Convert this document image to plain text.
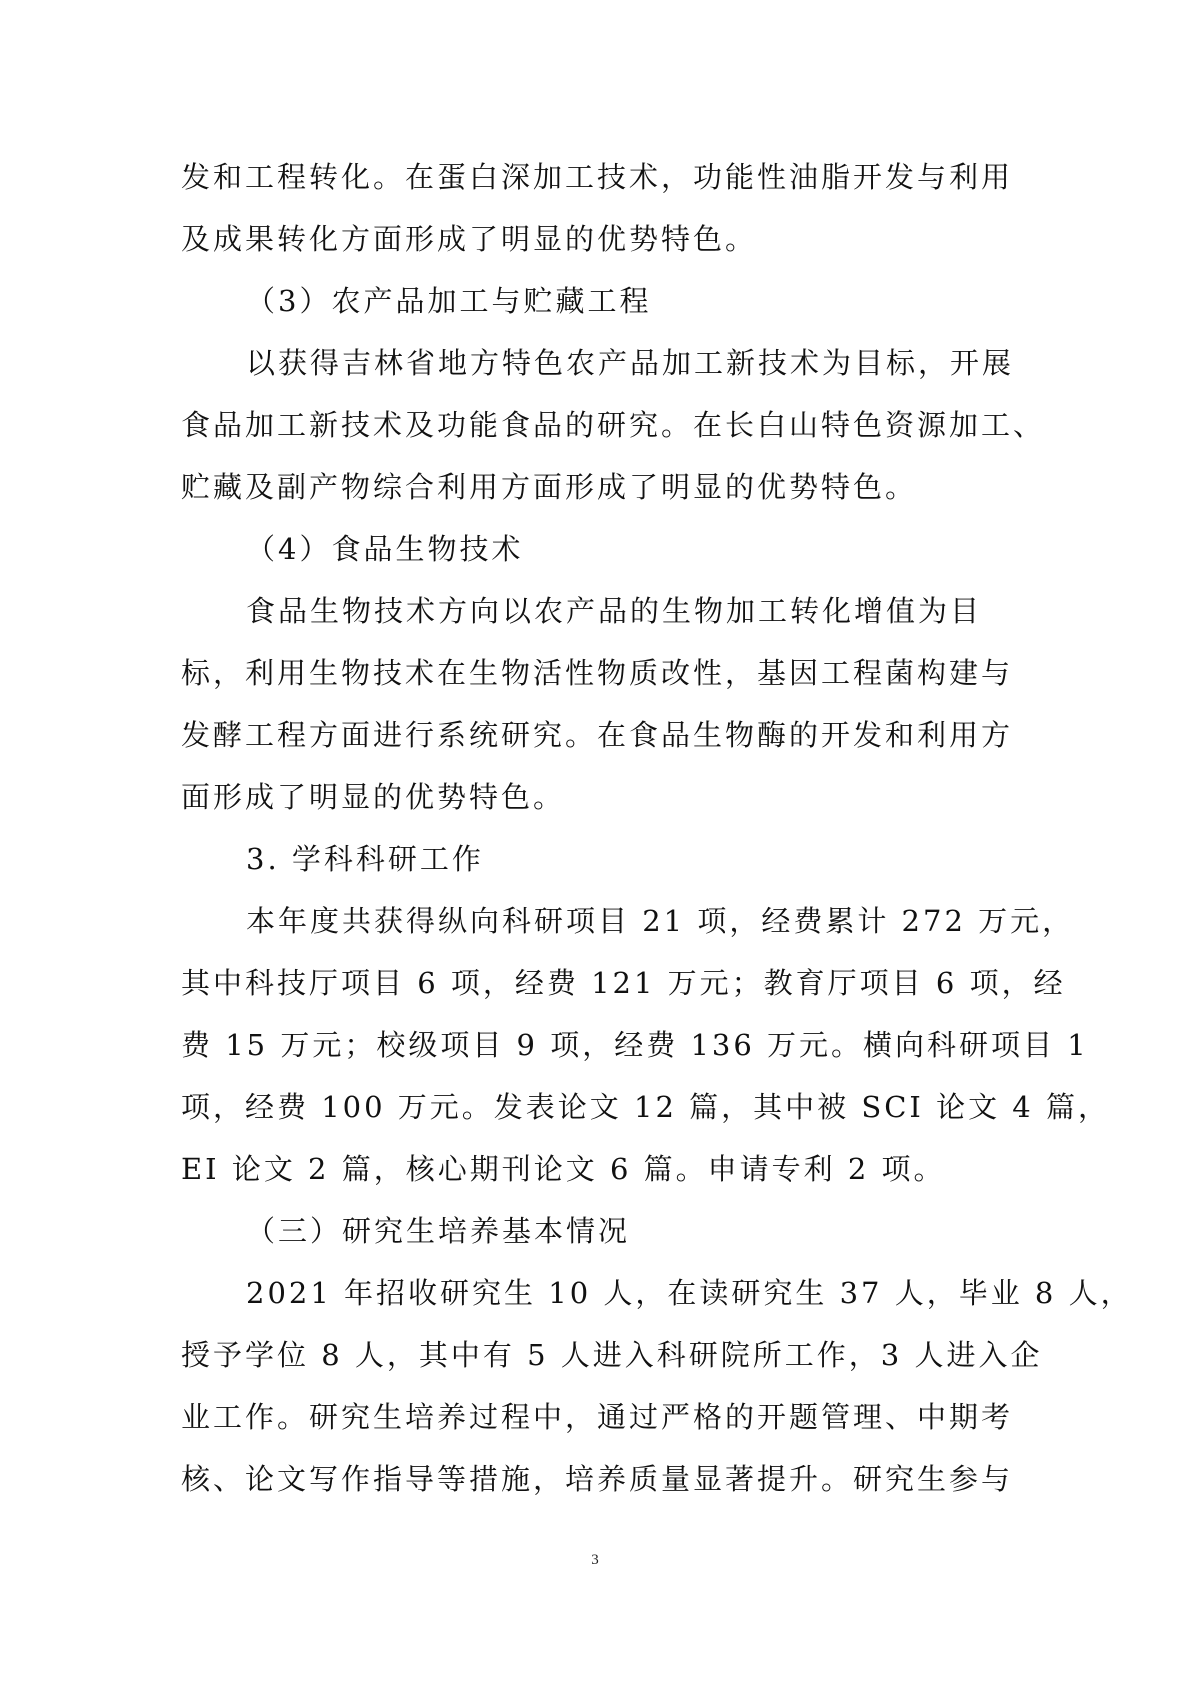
发和工程转化。在蛋白深加工技术，功能性油脂开发与利用
及成果转化方面形成了明显的优势特色。
（3）农产品加工与贮藏工程
以获得吉林省地方特色农产品加工新技术为目标，开展
食品加工新技术及功能食品的研究。在长白山特色资源加工、
贮藏及副产物综合利用方面形成了明显的优势特色。
（4）食品生物技术
食品生物技术方向以农产品的生物加工转化增值为目
标，利用生物技术在生物活性物质改性，基因工程菌构建与
发酵工程方面进行系统研究。在食品生物酶的开发和利用方
面形成了明显的优势特色。
3. 学科科研工作
本年度共获得纵向科研项目 21 项，经费累计 272 万元，
其中科技厅项目 6 项，经费 121 万元；教育厅项目 6 项，经
费 15 万元；校级项目 9 项，经费 136 万元。横向科研项目 1
项，经费 100 万元。发表论文 12 篇，其中被 SCI 论文 4 篇，
EI 论文 2 篇，核心期刊论文 6 篇。申请专利 2 项。
（三）研究生培养基本情况
2021 年招收研究生 10 人，在读研究生 37 人，毕业 8 人，
授予学位 8 人，其中有 5 人进入科研院所工作，3 人进入企
业工作。研究生培养过程中，通过严格的开题管理、中期考
核、论文写作指导等措施，培养质量显著提升。研究生参与
3
